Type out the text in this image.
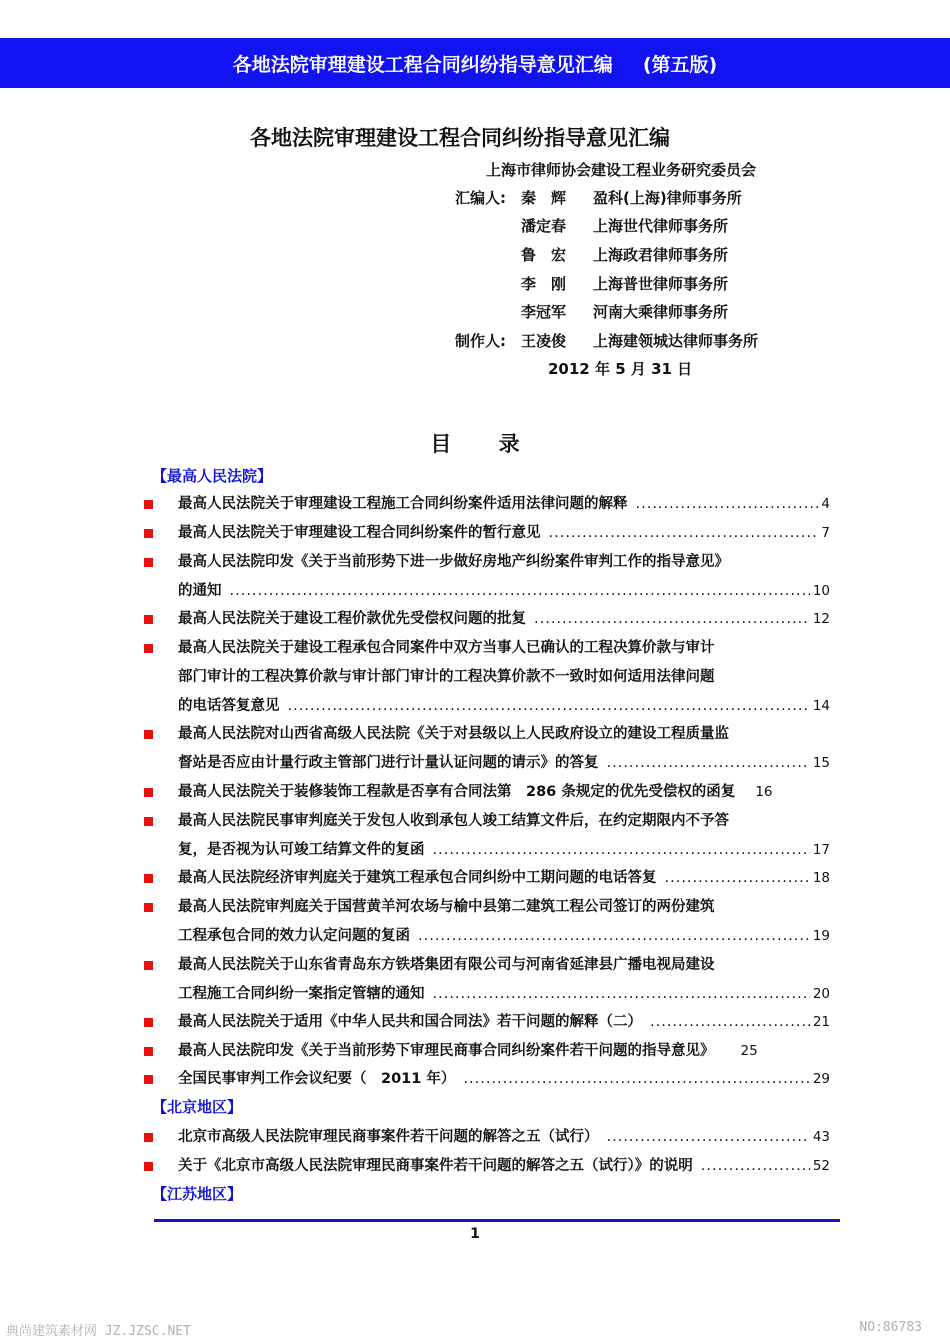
各地法院审理建设工程合同纠纷指导意见汇编 (第五版)
各地法院审理建设工程合同纠纷指导意见汇编
上海市律师协会建设工程业务研究委员会
汇编人:	秦　辉	盈科(上海)律师事务所
潘定春	上海世代律师事务所
鲁　宏	上海政君律师事务所
李　刚	上海普世律师事务所
李冠军	河南大乘律师事务所
制作人:	王凌俊	上海建领城达律师事务所
2012 年 5 月 31 日
目 录
【最高人民法院】
最高人民法院关于审理建设工程施工合同纠纷案件适用法律问题的解释 .....	4
最高人民法院关于审理建设工程合同纠纷案件的暂行意见 .....	7
最高人民法院印发《关于当前形势下进一步做好房地产纠纷案件审判工作的指导意见》
的通知 .....	10
最高人民法院关于建设工程价款优先受偿权问题的批复 .....	12
最高人民法院关于建设工程承包合同案件中双方当事人已确认的工程决算价款与审计
部门审计的工程决算价款与审计部门审计的工程决算价款不一致时如何适用法律问题
的电话答复意见 .....	14
最高人民法院对山西省高级人民法院《关于对县级以上人民政府设立的建设工程质量监
督站是否应由计量行政主管部门进行计量认证问题的请示》的答复 .....	15
最高人民法院关于装修装饰工程款是否享有合同法第　286 条规定的优先受偿权的函复 16
最高人民法院民事审判庭关于发包人收到承包人竣工结算文件后，在约定期限内不予答
复，是否视为认可竣工结算文件的复函 .....	17
最高人民法院经济审判庭关于建筑工程承包合同纠纷中工期问题的电话答复 .....	18
最高人民法院审判庭关于国营黄羊河农场与榆中县第二建筑工程公司签订的两份建筑
工程承包合同的效力认定问题的复函 .....	19
最高人民法院关于山东省青岛东方铁塔集团有限公司与河南省延津县广播电视局建设
工程施工合同纠纷一案指定管辖的通知 .....	20
最高人民法院关于适用《中华人民共和国合同法》若干问题的解释（二） .....	21
最高人民法院印发《关于当前形势下审理民商事合同纠纷案件若干问题的指导意见》 25
全国民事审判工作会议纪要（　2011 年） .....	29
【北京地区】
北京市高级人民法院审理民商事案件若干问题的解答之五（试行） .....	43
关于《北京市高级人民法院审理民商事案件若干问题的解答之五（试行）》的说明 .....	52
【江苏地区】
1
典尚建筑素材网 JZ.JZSC.NET	NO:86783
